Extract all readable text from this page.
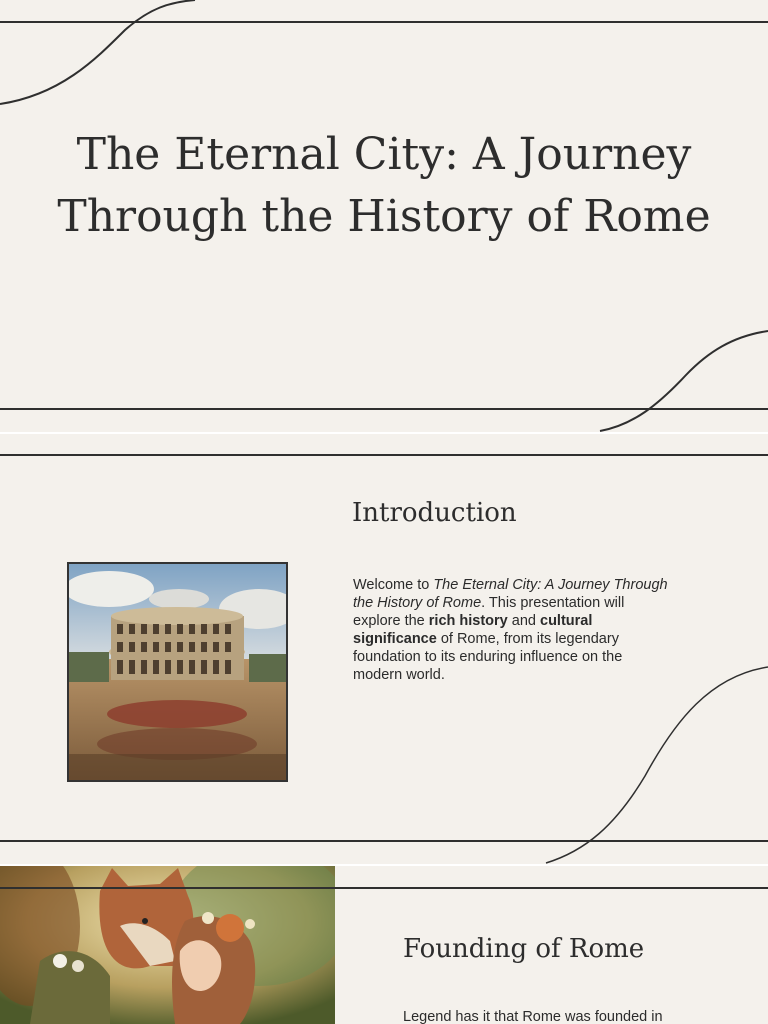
The Eternal City: A Journey Through the History of Rome
Introduction

Welcome to The Eternal City: A Journey Through the History of Rome. This presentation will explore the rich history and cultural significance of Rome, from its legendary foundation to its enduring influence on the modern world.

Founding of Rome

Legend has it that Rome was founded in
